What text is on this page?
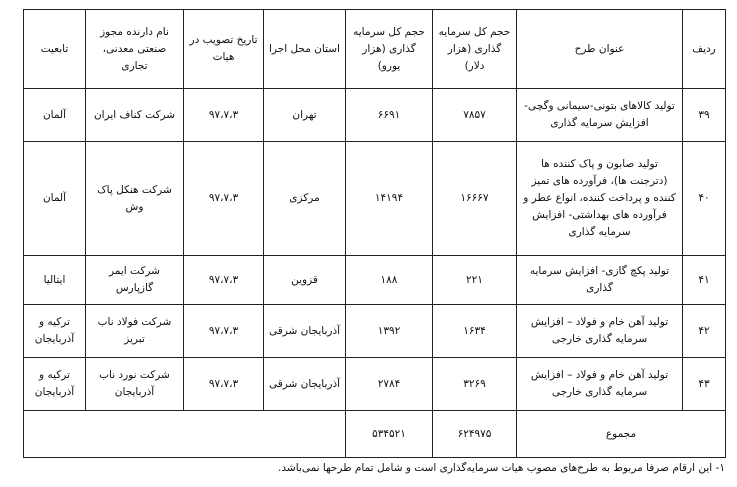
ردیف	عنوان طرح	حجم کل سرمایه گذاری (هزار دلار)	حجم کل سرمایه گذاری (هزار یورو)	استان محل اجرا	تاریخ تصویب در هیات	نام دارنده مجوز صنعتی معدنی، تجاری	تابعیت
۳۹	تولید کالاهای بتونی-سیمانی وگچی-افزایش سرمایه گذاری	۷۸۵۷	۶۶۹۱	تهران	۹۷،۷،۳	شرکت کناف ایران	آلمان
۴۰	تولید صابون و پاک کننده ها (دترجنت ها)، فرآورده های تمیز کننده و پرداخت کننده، انواع عطر و فرآورده های بهداشتی- افزایش سرمایه گذاری	۱۶۶۶۷	۱۴۱۹۴	مرکزی	۹۷،۷،۳	شرکت هنکل پاک وش	آلمان
۴۱	تولید پکچ گازی- افزایش سرمایه گذاری	۲۲۱	۱۸۸	قزوین	۹۷،۷،۳	شرکت ایمر گازپارس	ایتالیا
۴۲	تولید آهن خام و فولاد – افزایش سرمایه گذاری خارجی	۱۶۳۴	۱۳۹۲	آذربایجان شرقی	۹۷،۷،۳	شرکت فولاد ناب تبریز	ترکیه و آذربایجان
۴۳	تولید آهن خام و فولاد – افزایش سرمایه گذاری خارجی	۳۲۶۹	۲۷۸۴	آذربایجان شرقی	۹۷،۷،۳	شرکت نورد ناب آذربایجان	ترکیه و آذربایجان
مجموع		۶۲۴۹۷۵	۵۳۴۵۲۱				
۱- این ارقام صرفا مربوط به طرح‌های مصوب هیات سرمایه‌گذاری است و شامل تمام طرحها نمی‌باشد.
